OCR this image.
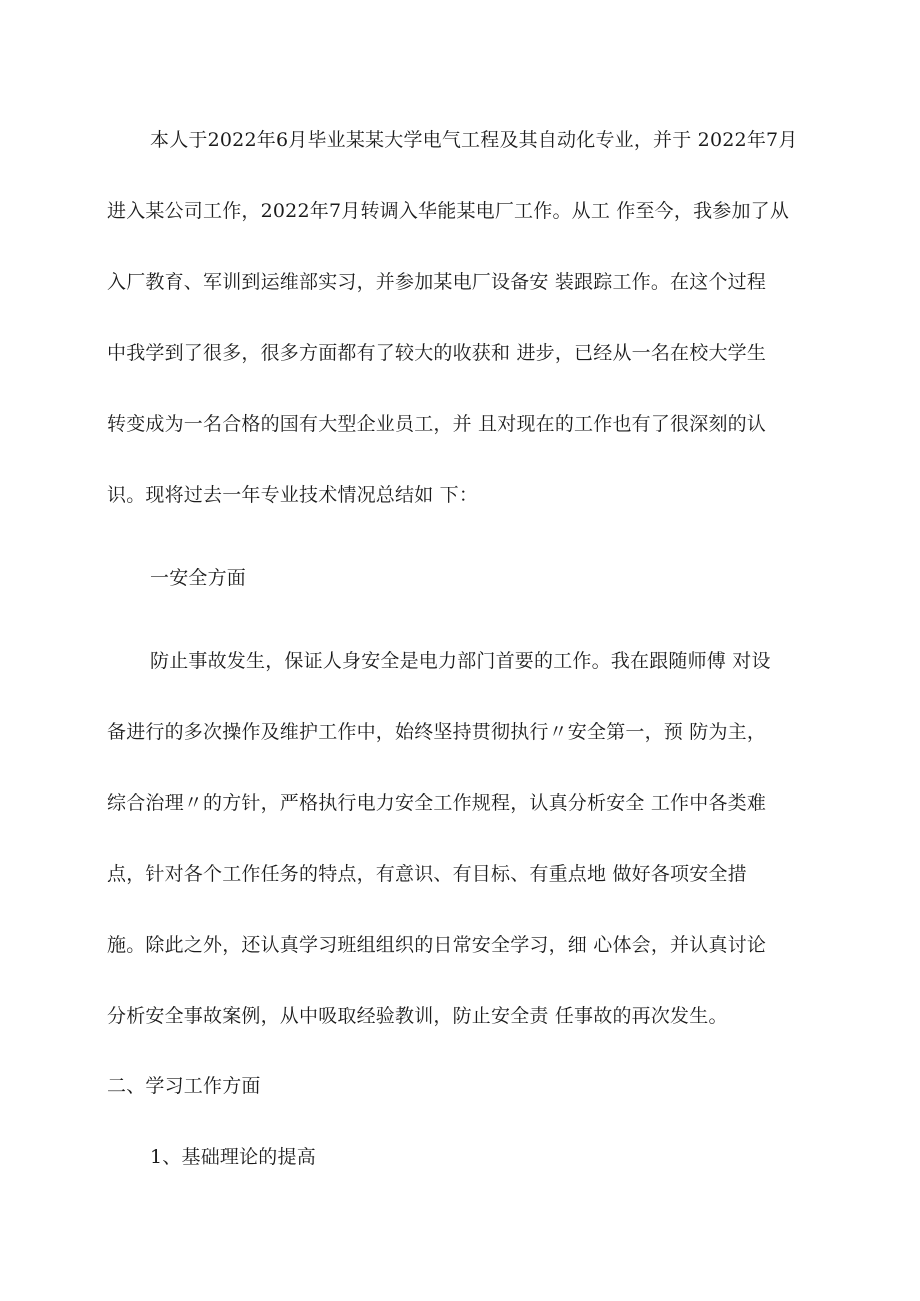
本人于2022年6月毕业某某大学电气工程及其自动化专业，并于 2022年7月
进入某公司工作，2022年7月转调入华能某电厂工作。从工 作至今，我参加了从
入厂教育、军训到运维部实习，并参加某电厂设备安 装跟踪工作。在这个过程
中我学到了很多，很多方面都有了较大的收获和 进步，已经从一名在校大学生
转变成为一名合格的国有大型企业员工，并 且对现在的工作也有了很深刻的认
识。现将过去一年专业技术情况总结如 下：
一安全方面
防止事故发生，保证人身安全是电力部门首要的工作。我在跟随师傅 对设
备进行的多次操作及维护工作中，始终坚持贯彻执行〃安全第一，预 防为主，
综合治理〃的方针，严格执行电力安全工作规程，认真分析安全 工作中各类难
点，针对各个工作任务的特点，有意识、有目标、有重点地 做好各项安全措
施。除此之外，还认真学习班组组织的日常安全学习，细 心体会，并认真讨论
分析安全事故案例，从中吸取经验教训，防止安全责 任事故的再次发生。
二、学习工作方面
1、基础理论的提高
